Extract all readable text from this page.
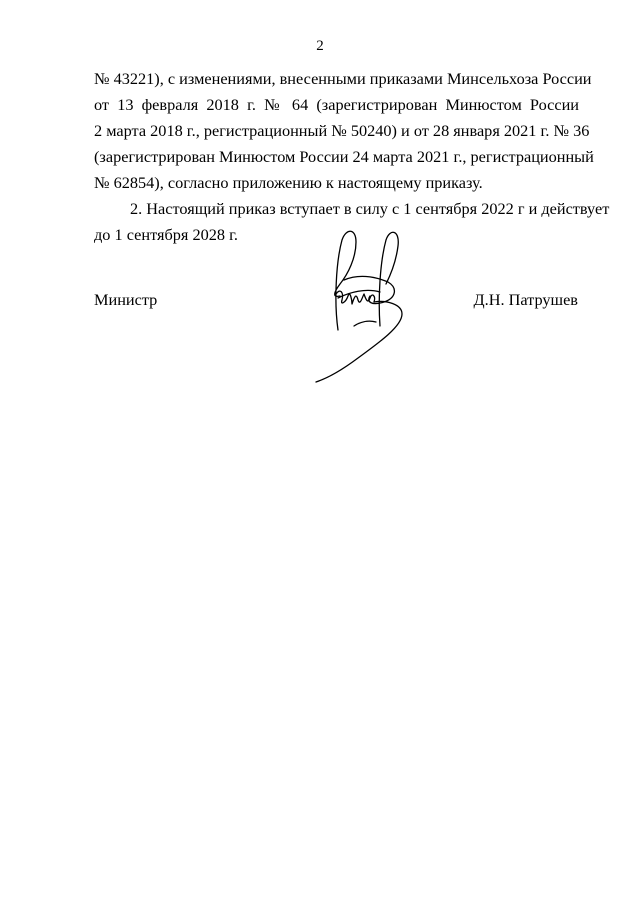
2
№ 43221), с изменениями, внесенными приказами Минсельхоза России
от 13 февраля 2018 г. № 64 (зарегистрирован Минюстом России
2 марта 2018 г., регистрационный № 50240) и от 28 января 2021 г. № 36
(зарегистрирован Минюстом России 24 марта 2021 г., регистрационный
№ 62854), согласно приложению к настоящему приказу.
2. Настоящий приказ вступает в силу с 1 сентября 2022 г и действует
до 1 сентября 2028 г.
Министр	Д.Н. Патрушев
